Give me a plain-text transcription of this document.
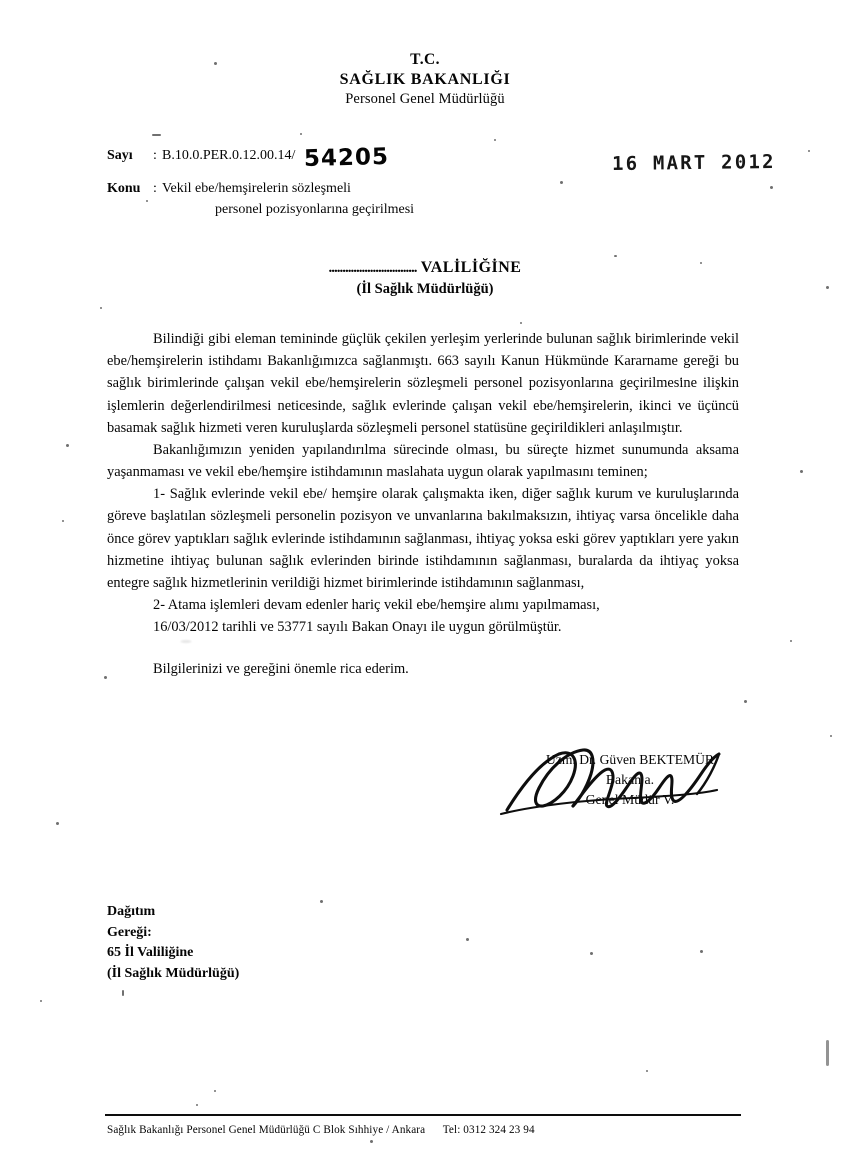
T.C.
SAĞLIK BAKANLIĞI
Personel Genel Müdürlüğü
Sayı	: B.10.0.PER.0.12.00.14/ 54205
Konu : Vekil ebe/hemşirelerin sözleşmeli
personel pozisyonlarına geçirilmesi
16 MART 2012
................................ VALİLİĞİNE
(İl Sağlık Müdürlüğü)

Bilindiği gibi eleman temininde güçlük çekilen yerleşim yerlerinde bulunan sağlık birimlerinde vekil ebe/hemşirelerin istihdamı Bakanlığımızca sağlanmıştı. 663 sayılı Kanun Hükmünde Kararname gereği bu sağlık birimlerinde çalışan vekil ebe/hemşirelerin sözleşmeli personel pozisyonlarına geçirilmesine ilişkin işlemlerin değerlendirilmesi neticesinde, sağlık evlerinde çalışan vekil ebe/hemşirelerin, ikinci ve üçüncü basamak sağlık hizmeti veren kuruluşlarda sözleşmeli personel statüsüne geçirildikleri anlaşılmıştır.

Bakanlığımızın yeniden yapılandırılma sürecinde olması, bu süreçte hizmet sunumunda aksama yaşanmaması ve vekil ebe/hemşire istihdamının maslahata uygun olarak yapılmasını teminen;

1- Sağlık evlerinde vekil ebe/ hemşire olarak çalışmakta iken, diğer sağlık kurum ve kuruluşlarında göreve başlatılan sözleşmeli personelin pozisyon ve unvanlarına bakılmaksızın, ihtiyaç varsa öncelikle daha önce görev yaptıkları sağlık evlerinde istihdamının sağlanması, ihtiyaç yoksa eski görev yaptıkları yere yakın hizmetine ihtiyaç bulunan sağlık evlerinden birinde istihdamının sağlanması, buralarda da ihtiyaç yoksa entegre sağlık hizmetlerinin verildiği hizmet birimlerinde istihdamının sağlanması,

2- Atama işlemleri devam edenler hariç vekil ebe/hemşire alımı yapılmaması,

16/03/2012 tarihli ve 53771 sayılı Bakan Onayı ile uygun görülmüştür.

Bilgilerinizi ve gereğini önemle rica ederim.

Uzm. Dr. Güven BEKTEMÜR
Bakan a.
Genel Müdür V.
Dağıtım
Gereği:
65 İl Valiliğine
(İl Sağlık Müdürlüğü)
Sağlık Bakanlığı Personel Genel Müdürlüğü C Blok Sıhhiye / Ankara Tel: 0312 324 23 94
